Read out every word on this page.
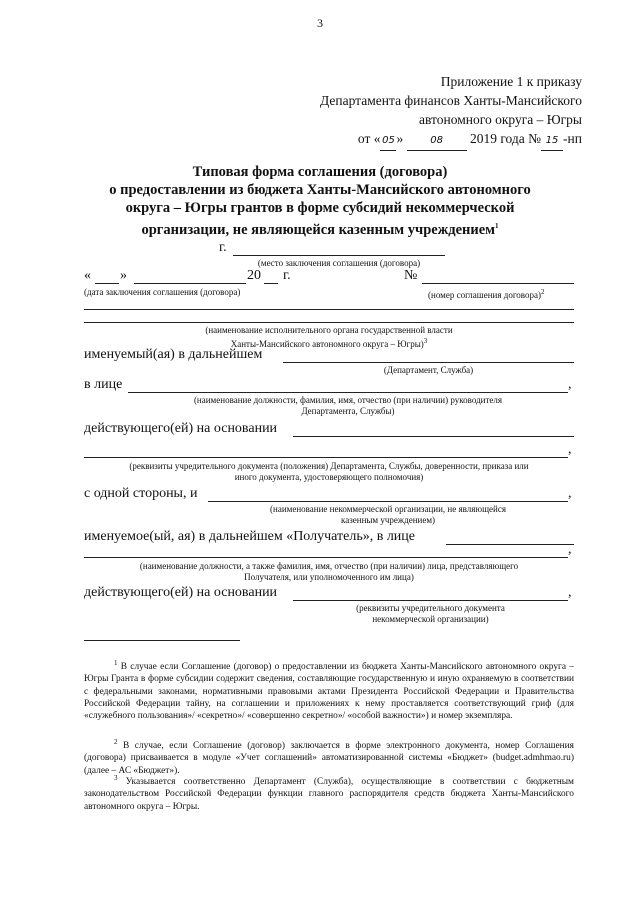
3
Приложение 1 к приказу
Департамента финансов Ханты-Мансийского
автономного округа – Югры
от « 05 »	08 2019 года № 15 -нп
Типовая форма соглашения (договора)
о предоставлении из бюджета Ханты-Мансийского автономного
округа – Югры грантов в форме субсидий некоммерческой
организации, не являющейся казенным учреждением$^1$
г.
(место заключения соглашения (договора)
« »	20 г.	№
(дата заключения соглашения (договора)	(номер соглашения договора)$^2$
(наименование исполнительного органа государственной власти
Ханты-Мансийского автономного округа – Югры)$^3$
именуемый(ая) в дальнейшем
(Департамент, Служба)
в лице	,
(наименование должности, фамилия, имя, отчество (при наличии) руководителя
Департамента, Службы)
действующего(ей) на основании
,
(реквизиты учредительного документа (положения) Департамента, Службы, доверенности, приказа или
иного документа, удостоверяющего полномочия)
с одной стороны, и	,
(наименование некоммерческой организации, не являющейся
казенным учреждением)
именуемое(ый, ая) в дальнейшем «Получатель», в лице
,
(наименование должности, а также фамилия, имя, отчество (при наличии) лица, представляющего
Получателя, или уполномоченного им лица)
действующего(ей) на основании	,
(реквизиты учредительного документа
некоммерческой организации)
$^1$ В случае если Соглашение (договор) о предоставлении из бюджета Ханты-Мансийского автономного округа – Югры Гранта в форме субсидии содержит сведения, составляющие государственную и иную охраняемую в соответствии с федеральными законами, нормативными правовыми актами Президента Российской Федерации и Правительства Российской Федерации тайну, на соглашении и приложениях к нему проставляется соответствующий гриф (для «служебного пользования»/ «секретно»/ «совершенно секретно»/ «особой важности») и номер экземпляра.
$^2$ В случае, если Соглашение (договор) заключается в форме электронного документа, номер Соглашения (договора) присваивается в модуле «Учет соглашений» автоматизированной системы «Бюджет» (budget.admhmao.ru) (далее – АС «Бюджет»).
$^3$ Указывается соответственно Департамент (Служба), осуществляющие в соответствии с бюджетным законодательством Российской Федерации функции главного распорядителя средств бюджета Ханты-Мансийского автономного округа – Югры.
